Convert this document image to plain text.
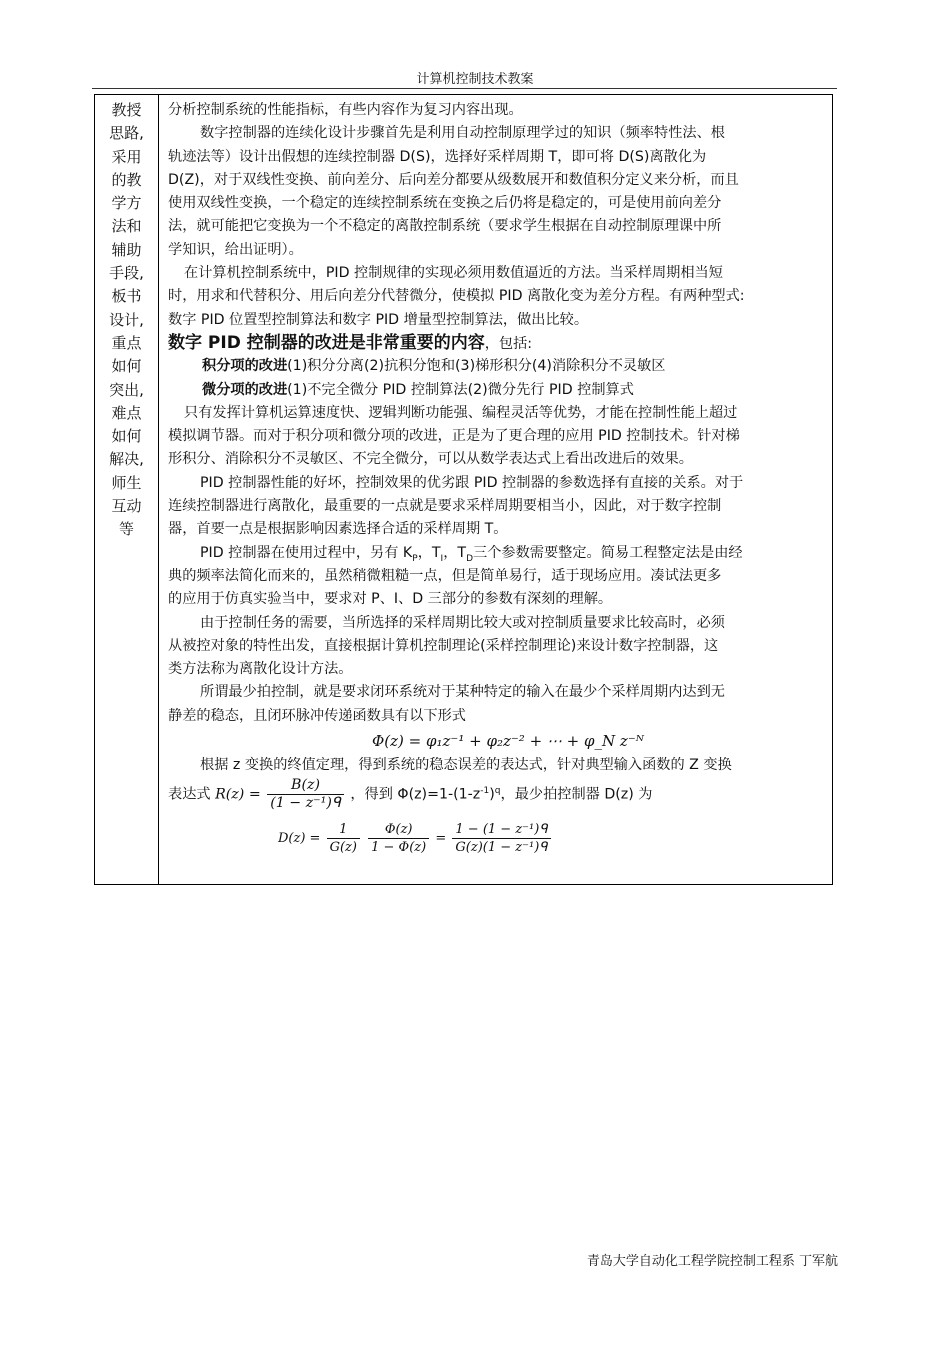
计算机控制技术教案
教授
思路,
采用
的教
学方
法和
辅助
手段,
板书
设计,
重点
如何
突出,
难点
如何
解决,
师生
互动
等
分析控制系统的性能指标，有些内容作为复习内容出现。
数字控制器的连续化设计步骤首先是利用自动控制原理学过的知识（频率特性法、根
轨迹法等）设计出假想的连续控制器 D(S)，选择好采样周期 T，即可将 D(S)离散化为
D(Z)，对于双线性变换、前向差分、后向差分都要从级数展开和数值积分定义来分析，而且
使用双线性变换，一个稳定的连续控制系统在变换之后仍将是稳定的，可是使用前向差分
法，就可能把它变换为一个不稳定的离散控制系统（要求学生根据在自动控制原理课中所
学知识，给出证明）。
在计算机控制系统中，PID 控制规律的实现必须用数值逼近的方法。当采样周期相当短
时，用求和代替积分、用后向差分代替微分，使模拟 PID 离散化变为差分方程。有两种型式:
数字 PID 位置型控制算法和数字 PID 增量型控制算法，做出比较。
数字 PID 控制器的改进是非常重要的内容，包括:
积分项的改进(1)积分分离(2)抗积分饱和(3)梯形积分(4)消除积分不灵敏区
微分项的改进(1)不完全微分 PID 控制算法(2)微分先行 PID 控制算式
只有发挥计算机运算速度快、逻辑判断功能强、编程灵活等优势，才能在控制性能上超过
模拟调节器。而对于积分项和微分项的改进，正是为了更合理的应用 PID 控制技术。针对梯
形积分、消除积分不灵敏区、不完全微分，可以从数学表达式上看出改进后的效果。
PID 控制器性能的好坏，控制效果的优劣跟 PID 控制器的参数选择有直接的关系。对于
连续控制器进行离散化，最重要的一点就是要求采样周期要相当小，因此，对于数字控制
器，首要一点是根据影响因素选择合适的采样周期 T。
PID 控制器在使用过程中，另有 $K_P$，$T_I$，$T_D$三个参数需要整定。简易工程整定法是由经
典的频率法简化而来的，虽然稍微粗糙一点，但是简单易行，适于现场应用。凑试法更多
的应用于仿真实验当中，要求对 P、I、D 三部分的参数有深刻的理解。
由于控制任务的需要，当所选择的采样周期比较大或对控制质量要求比较高时，必须
从被控对象的特性出发，直接根据计算机控制理论(采样控制理论)来设计数字控制器，这
类方法称为离散化设计方法。
所谓最少拍控制，就是要求闭环系统对于某种特定的输入在最少个采样周期内达到无
静差的稳态，且闭环脉冲传递函数具有以下形式
Φ(z) = φ₁z⁻¹ + φ₂z⁻² + ⋯ + φ_N z⁻ᴺ
根据 z 变换的终值定理，得到系统的稳态误差的表达式，针对典型输入函数的 Z 变换
表达式 $R(z) = \frac{B(z)}{\text{(1 − z⁻¹)ᑫ}}$ ，得到 $\Phi(z)=1-(1-z^{-1})^q$，最少拍控制器 D(z) 为
$D(z) = \frac{1}{G(z)}$
$\frac{\Phi(z)}{1 - \Phi(z)} = \frac{\text{1 − (1 − z⁻¹)ᑫ}}{\text{G(z)(1 − z⁻¹)ᑫ}}$
青岛大学自动化工程学院控制工程系 丁军航
